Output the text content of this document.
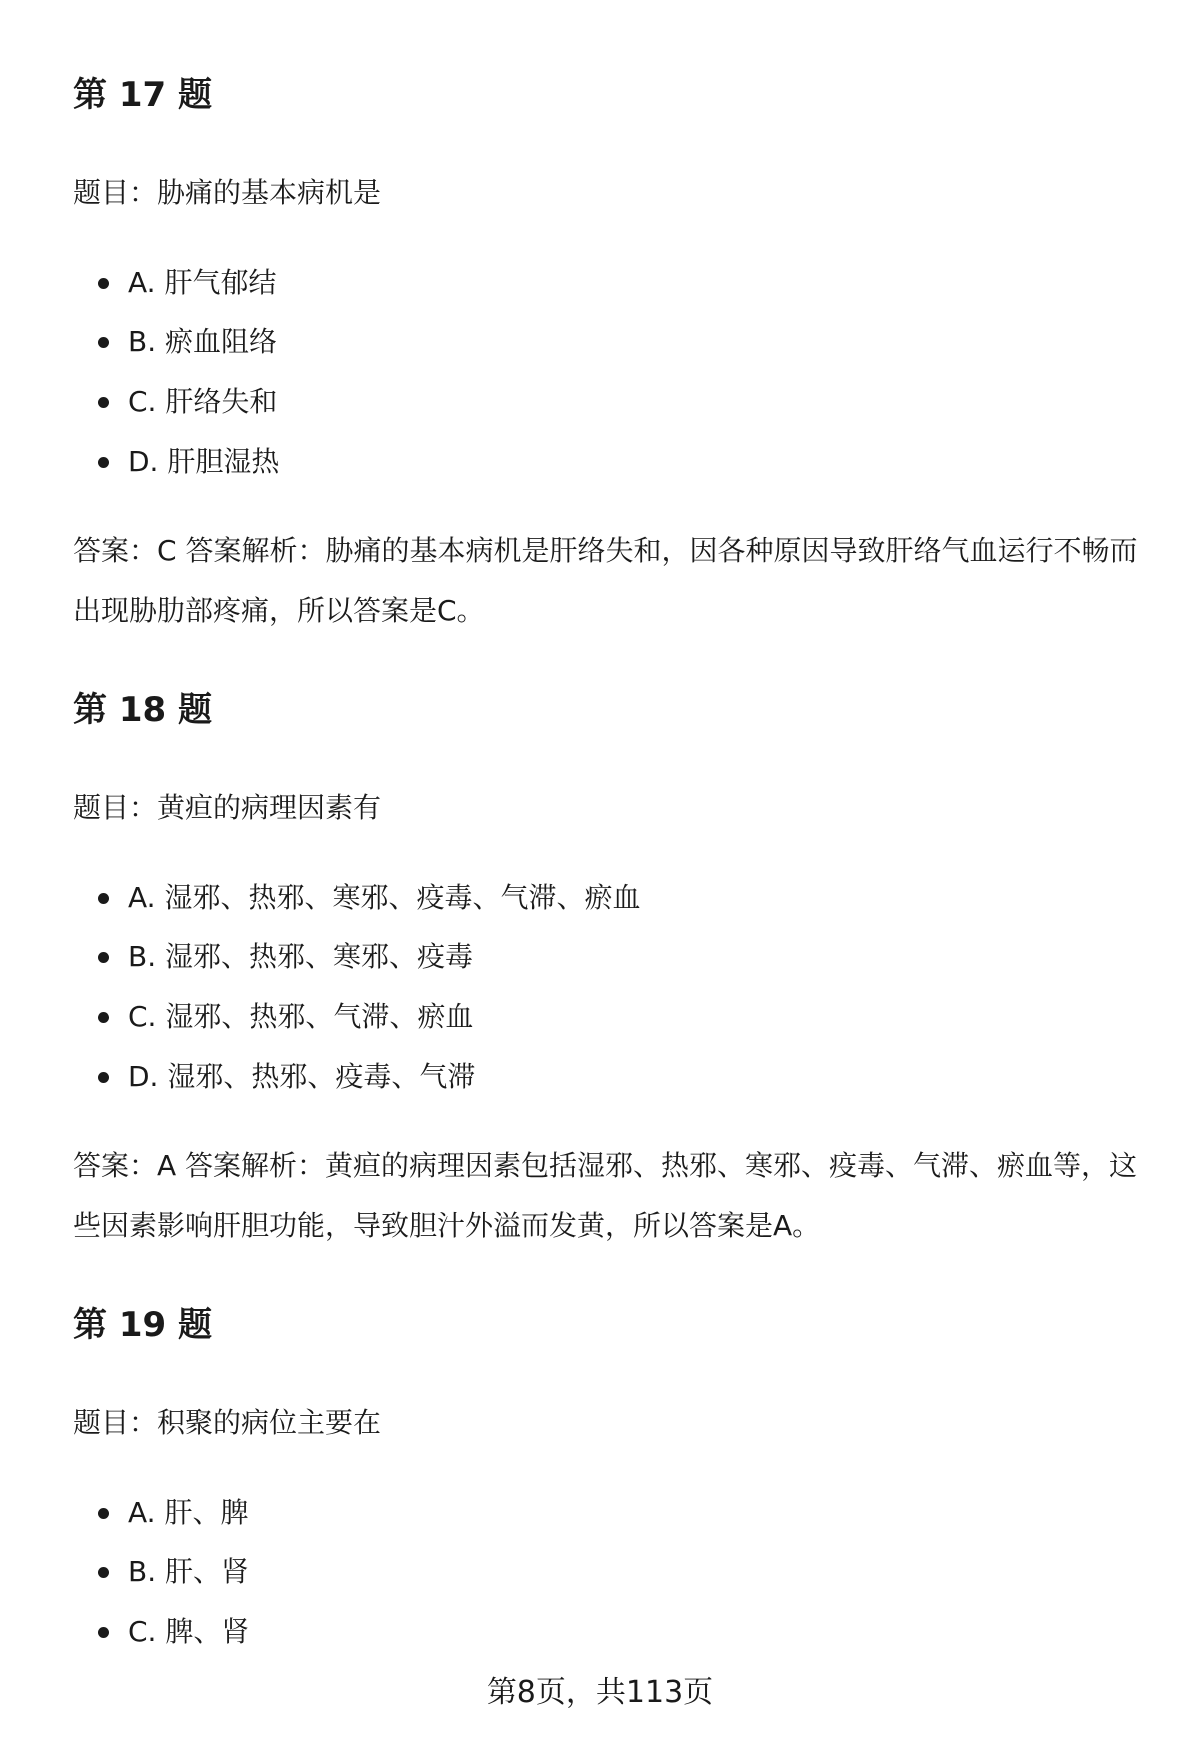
第 17 题

题目：胁痛的基本病机是

A. 肝气郁结
B. 瘀血阻络
C. 肝络失和
D. 肝胆湿热

答案：C 答案解析：胁痛的基本病机是肝络失和，因各种原因导致肝络气血运行不畅而出现胁肋部疼痛，所以答案是C。

第 18 题

题目：黄疸的病理因素有

A. 湿邪、热邪、寒邪、疫毒、气滞、瘀血
B. 湿邪、热邪、寒邪、疫毒
C. 湿邪、热邪、气滞、瘀血
D. 湿邪、热邪、疫毒、气滞

答案：A 答案解析：黄疸的病理因素包括湿邪、热邪、寒邪、疫毒、气滞、瘀血等，这些因素影响肝胆功能，导致胆汁外溢而发黄，所以答案是A。

第 19 题

题目：积聚的病位主要在

A. 肝、脾
B. 肝、肾
C. 脾、肾

第8页，共113页
